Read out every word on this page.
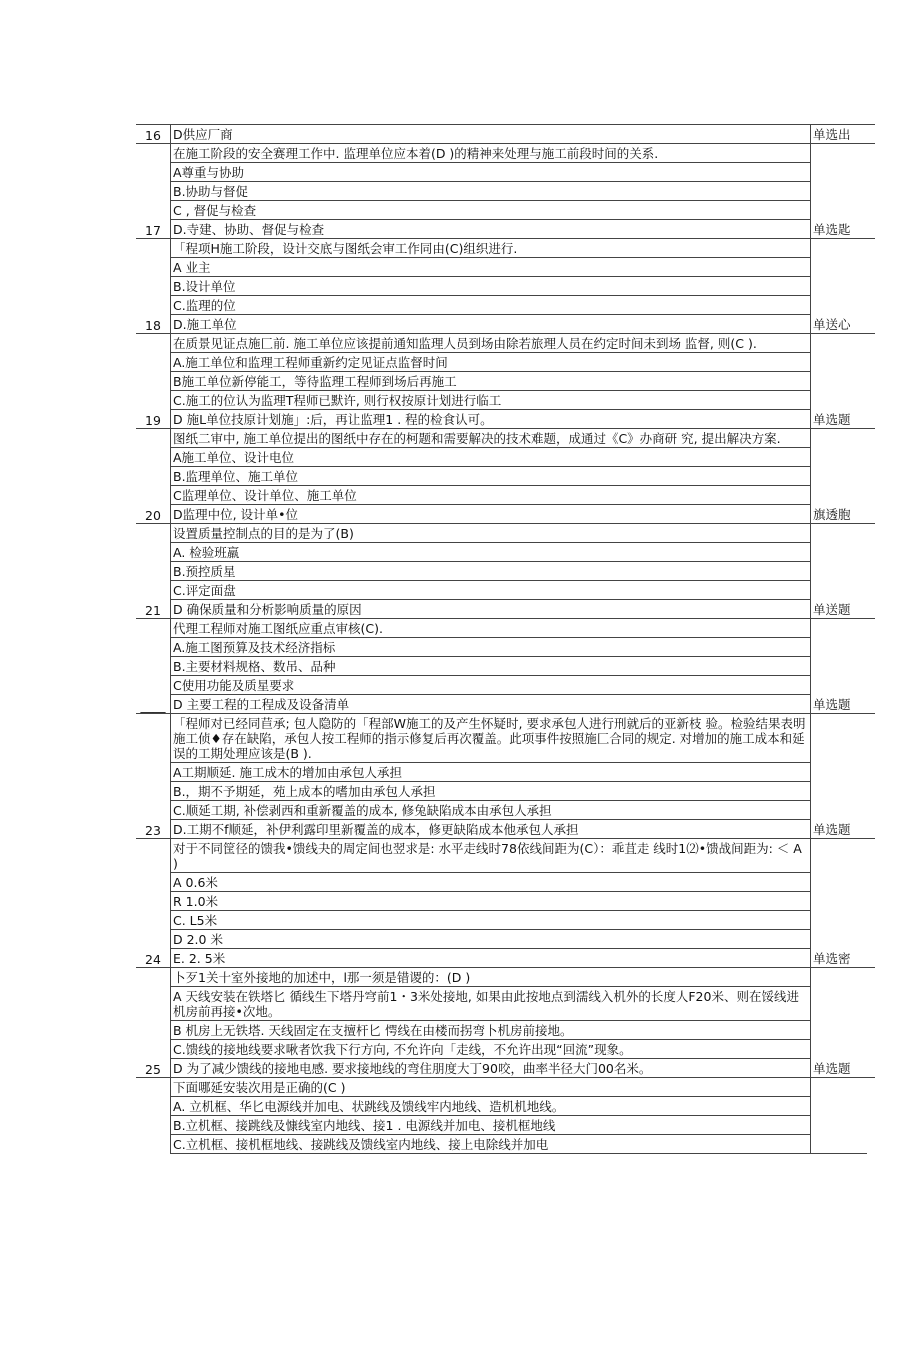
16	D供应厂商	单选出	
17	在施工阶段的安全赛理工作中. 监理单位应本着(D )的精神来处理与施工前段时间的关系.	单选匙	
	A尊重与协助		
	B.协助与督促		
	C , 督促与检查		
	D.寺建、协助、督促与检查		
18	「程项H施工阶段，设计交底与图纸会审工作同由(C)组织进行.	单送心	
	A 业主		
	B.设计单位		
	C.监理的位		
	D.施工单位		
19	在质景见证点施匚前. 施工单位应该提前通知监理人员到场由除若旅理人员在约定时间未到场 监督, 则(C ).	单选题	
	A.施工单位和监理工程师重新约定见证点监督时间		
	B施工单位新停能工，等待监理工程师到场后再施工		
	C.施工的位认为监理T程师已默许, 则行权按原计划进行临工		
	D 施L单位技原计划施」:后，再让监理1 . 程的检食认可。		
20	图纸二审中, 施工单位提出的图纸中存在的柯题和需要解决的技术难题，成通过《C》办商研 究, 提出解决方案.	旗透胞	
	A施工单位、设计电位		
	B.监理单位、施工单位		
	C监理单位、设计单位、施工单位		
	D监理中位, 设计单•位		
21	设置质量控制点的目的是为了(B)	单送题	
	A. 检验班羸		
	B.预控质星		
	C.评定面盘		
	D 确保质量和分析影响质量的原因		
____	代理工程师对施工图纸应重点审核(C).	单选题	
	A.施工图预算及技术经济指标		
	B.主要材料规格、数吊、品种		
	C使用功能及质星要求		
	D 主要工程的工程成及设备清单		
23	「程师对已经同苣承; 包人隐防的「程部W施工的及产生怀疑时, 要求承包人进行刑就后的亚新枝 验。检验结果表明施工侦♦存在缺陷，承包人按工程师的指示修复后再次覆盖。此项事件按照施匚合同的规定. 对增加的施工成本和延误的工期处理应该是(B ).	单选题	
	A工期顺延. 施工成木的增加由承包人承担		
	B.，期不予期延，苑上成本的嗜加由承包人承担		
	C.顺延工期, 补偿剥西和重新覆盖的成本, 修兔缺陷成本由承包人承担		
	D.工期不f顺延，补伊利露印里新覆盖的成本，修更缺陷成本他承包人承担		
24	对于不同筐径的馈我•馈线夬的周定间也翌求是: 水平走线时78依线间距为(C）：乖苴走 线时1⑵•馈战间距为: ＜ A )	单选密	
	A 0.6米		
	R 1.0米		
	C. L5米		
	D 2.0 米		
	E. 2. 5米		
25	卜歹1关十室外接地的加述中，l那一须是错谡的：(D )	单选题	
	A 天线安装在铁塔匕 循线生下塔丹穹前1・3米处接地, 如果由此按地点到濡线入机外的长度人F20米、则在馁线进机房前再接•次地。		
	B 机房上无铁塔. 天线固定在支擅杆匕 愕线在由楼而拐弯卜机房前接地。		
	C.馈线的接地线要求啾者饮我下行方向, 不允许向「走线，不允许出现“回流”现象。		
	D 为了减少馈线的接地电感. 要求接地线的弯住朋度大丁90咬，曲率半径大门00名米。		
	下面哪延安装次用是正确的(C )		
	A. 立机框、华匕电源线并加电、状跳线及馈线牢内地线、造机机地线。		
	B.立机框、接跳线及慷线室内地线、接1 . 电源线并加电、接机框地线		
	C.立机框、接机框地线、接跳线及馈线室内地线、接上电除线并加电		
